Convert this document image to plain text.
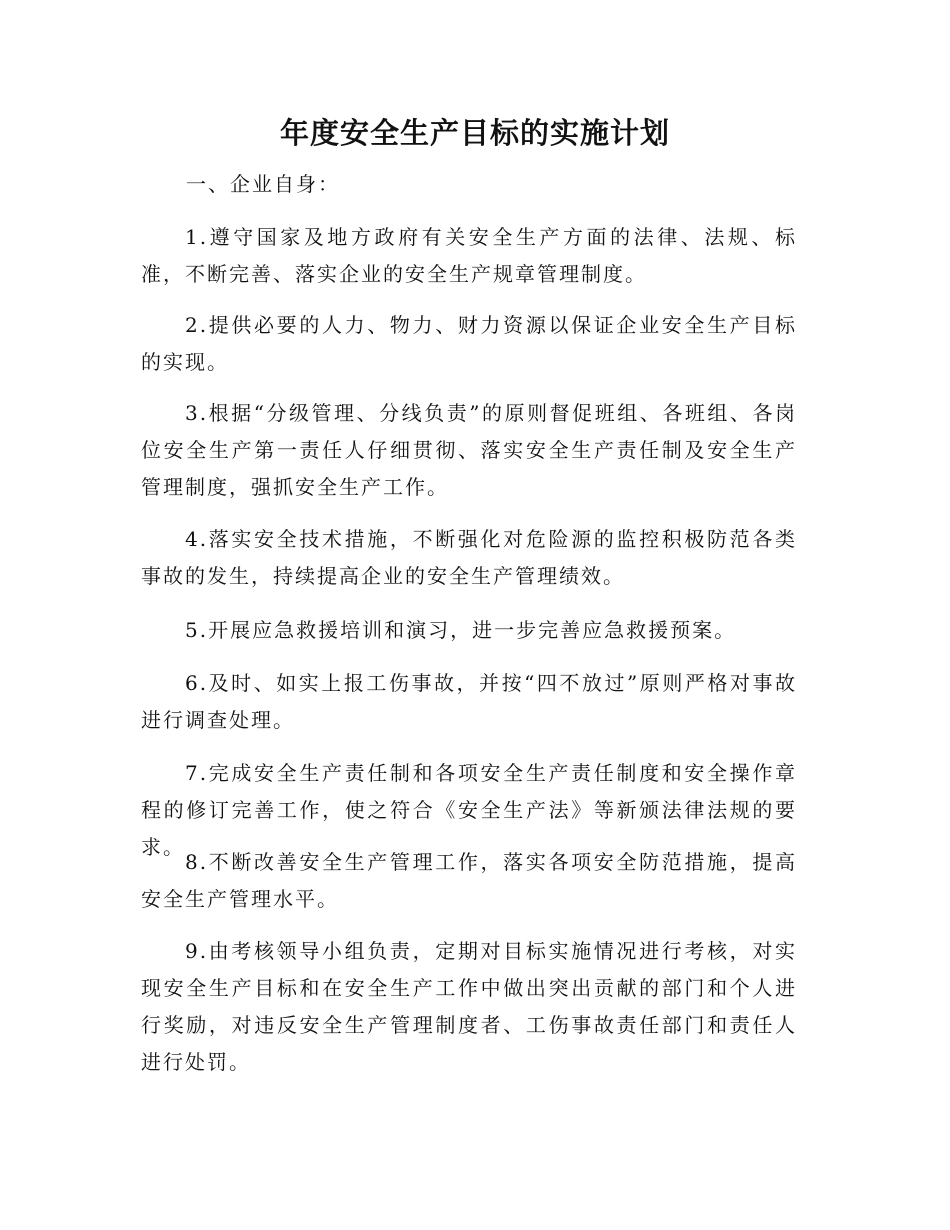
年度安全生产目标的实施计划

一、企业自身：

1.遵守国家及地方政府有关安全生产方面的法律、法规、标准，不断完善、落实企业的安全生产规章管理制度。

2.提供必要的人力、物力、财力资源以保证企业安全生产目标的实现。

3.根据“分级管理、分线负责”的原则督促班组、各班组、各岗位安全生产第一责任人仔细贯彻、落实安全生产责任制及安全生产管理制度，强抓安全生产工作。

4.落实安全技术措施，不断强化对危险源的监控积极防范各类事故的发生，持续提高企业的安全生产管理绩效。

5.开展应急救援培训和演习，进一步完善应急救援预案。

6.及时、如实上报工伤事故，并按“四不放过”原则严格对事故进行调查处理。

7.完成安全生产责任制和各项安全生产责任制度和安全操作章程的修订完善工作，使之符合《安全生产法》等新颁法律法规的要求。

8.不断改善安全生产管理工作，落实各项安全防范措施，提高安全生产管理水平。

9.由考核领导小组负责，定期对目标实施情况进行考核，对实现安全生产目标和在安全生产工作中做出突出贡献的部门和个人进行奖励，对违反安全生产管理制度者、工伤事故责任部门和责任人进行处罚。
